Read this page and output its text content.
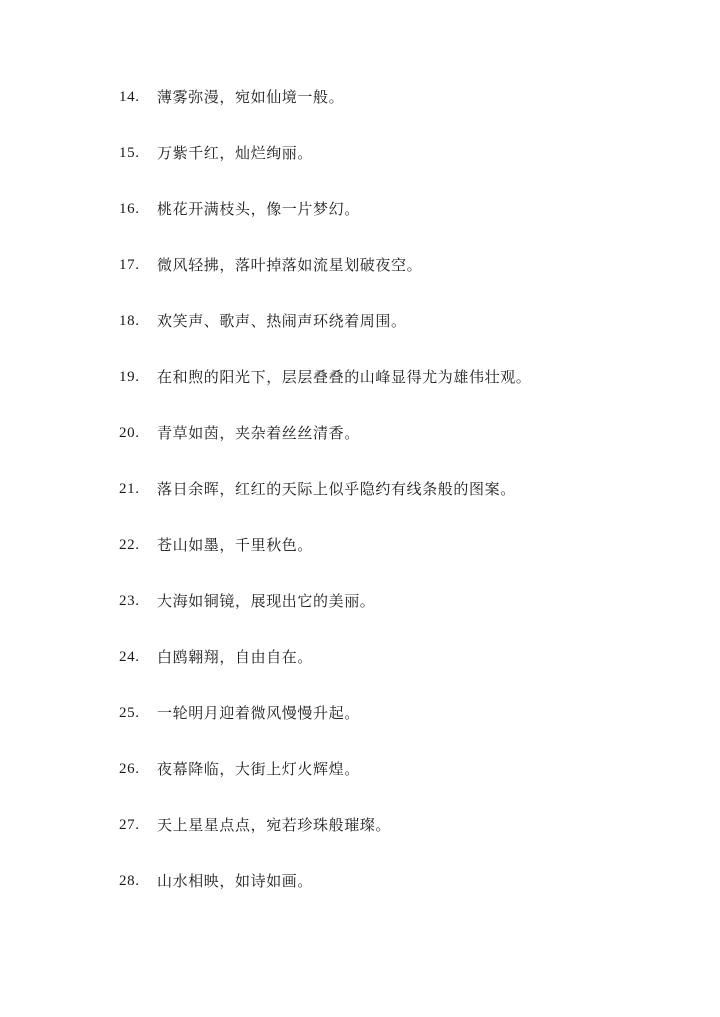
14.	薄雾弥漫，宛如仙境一般。
15.	万紫千红，灿烂绚丽。
16.	桃花开满枝头，像一片梦幻。
17.	微风轻拂，落叶掉落如流星划破夜空。
18.	欢笑声、歌声、热闹声环绕着周围。
19.	在和煦的阳光下，层层叠叠的山峰显得尤为雄伟壮观。
20.	青草如茵，夹杂着丝丝清香。
21.	落日余晖，红红的天际上似乎隐约有线条般的图案。
22.	苍山如墨，千里秋色。
23.	大海如铜镜，展现出它的美丽。
24.	白鸥翱翔，自由自在。
25.	一轮明月迎着微风慢慢升起。
26.	夜幕降临，大街上灯火辉煌。
27.	天上星星点点，宛若珍珠般璀璨。
28.	山水相映，如诗如画。
